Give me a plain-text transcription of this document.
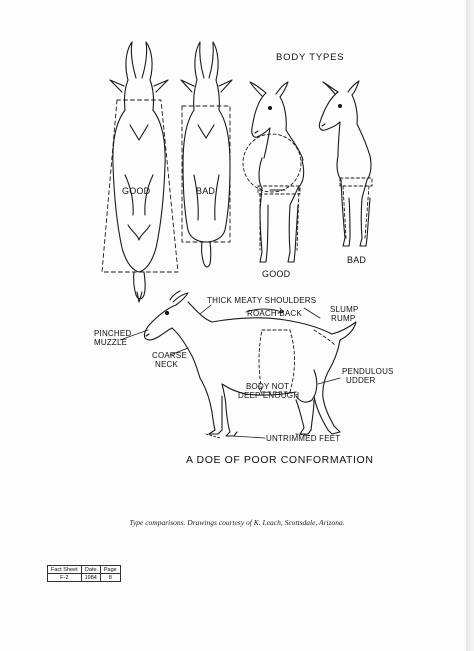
BODY TYPES
GOOD	BAD
GOOD
BAD
THICK MEATY SHOULDERS
ROACH BACK	SLUMP
RUMP
PINCHED
MUZZLE
COARSE
NECK
PENDULOUS
UDDER
BODY NOT
DEEP ENOUGH
UNTRIMMED FEET
A DOE OF POOR CONFORMATION
Type comparisons. Drawings courtesy of K. Leach, Scottsdale, Arizona.
Fact Sheet	Date	Page
F-2	1984	8
